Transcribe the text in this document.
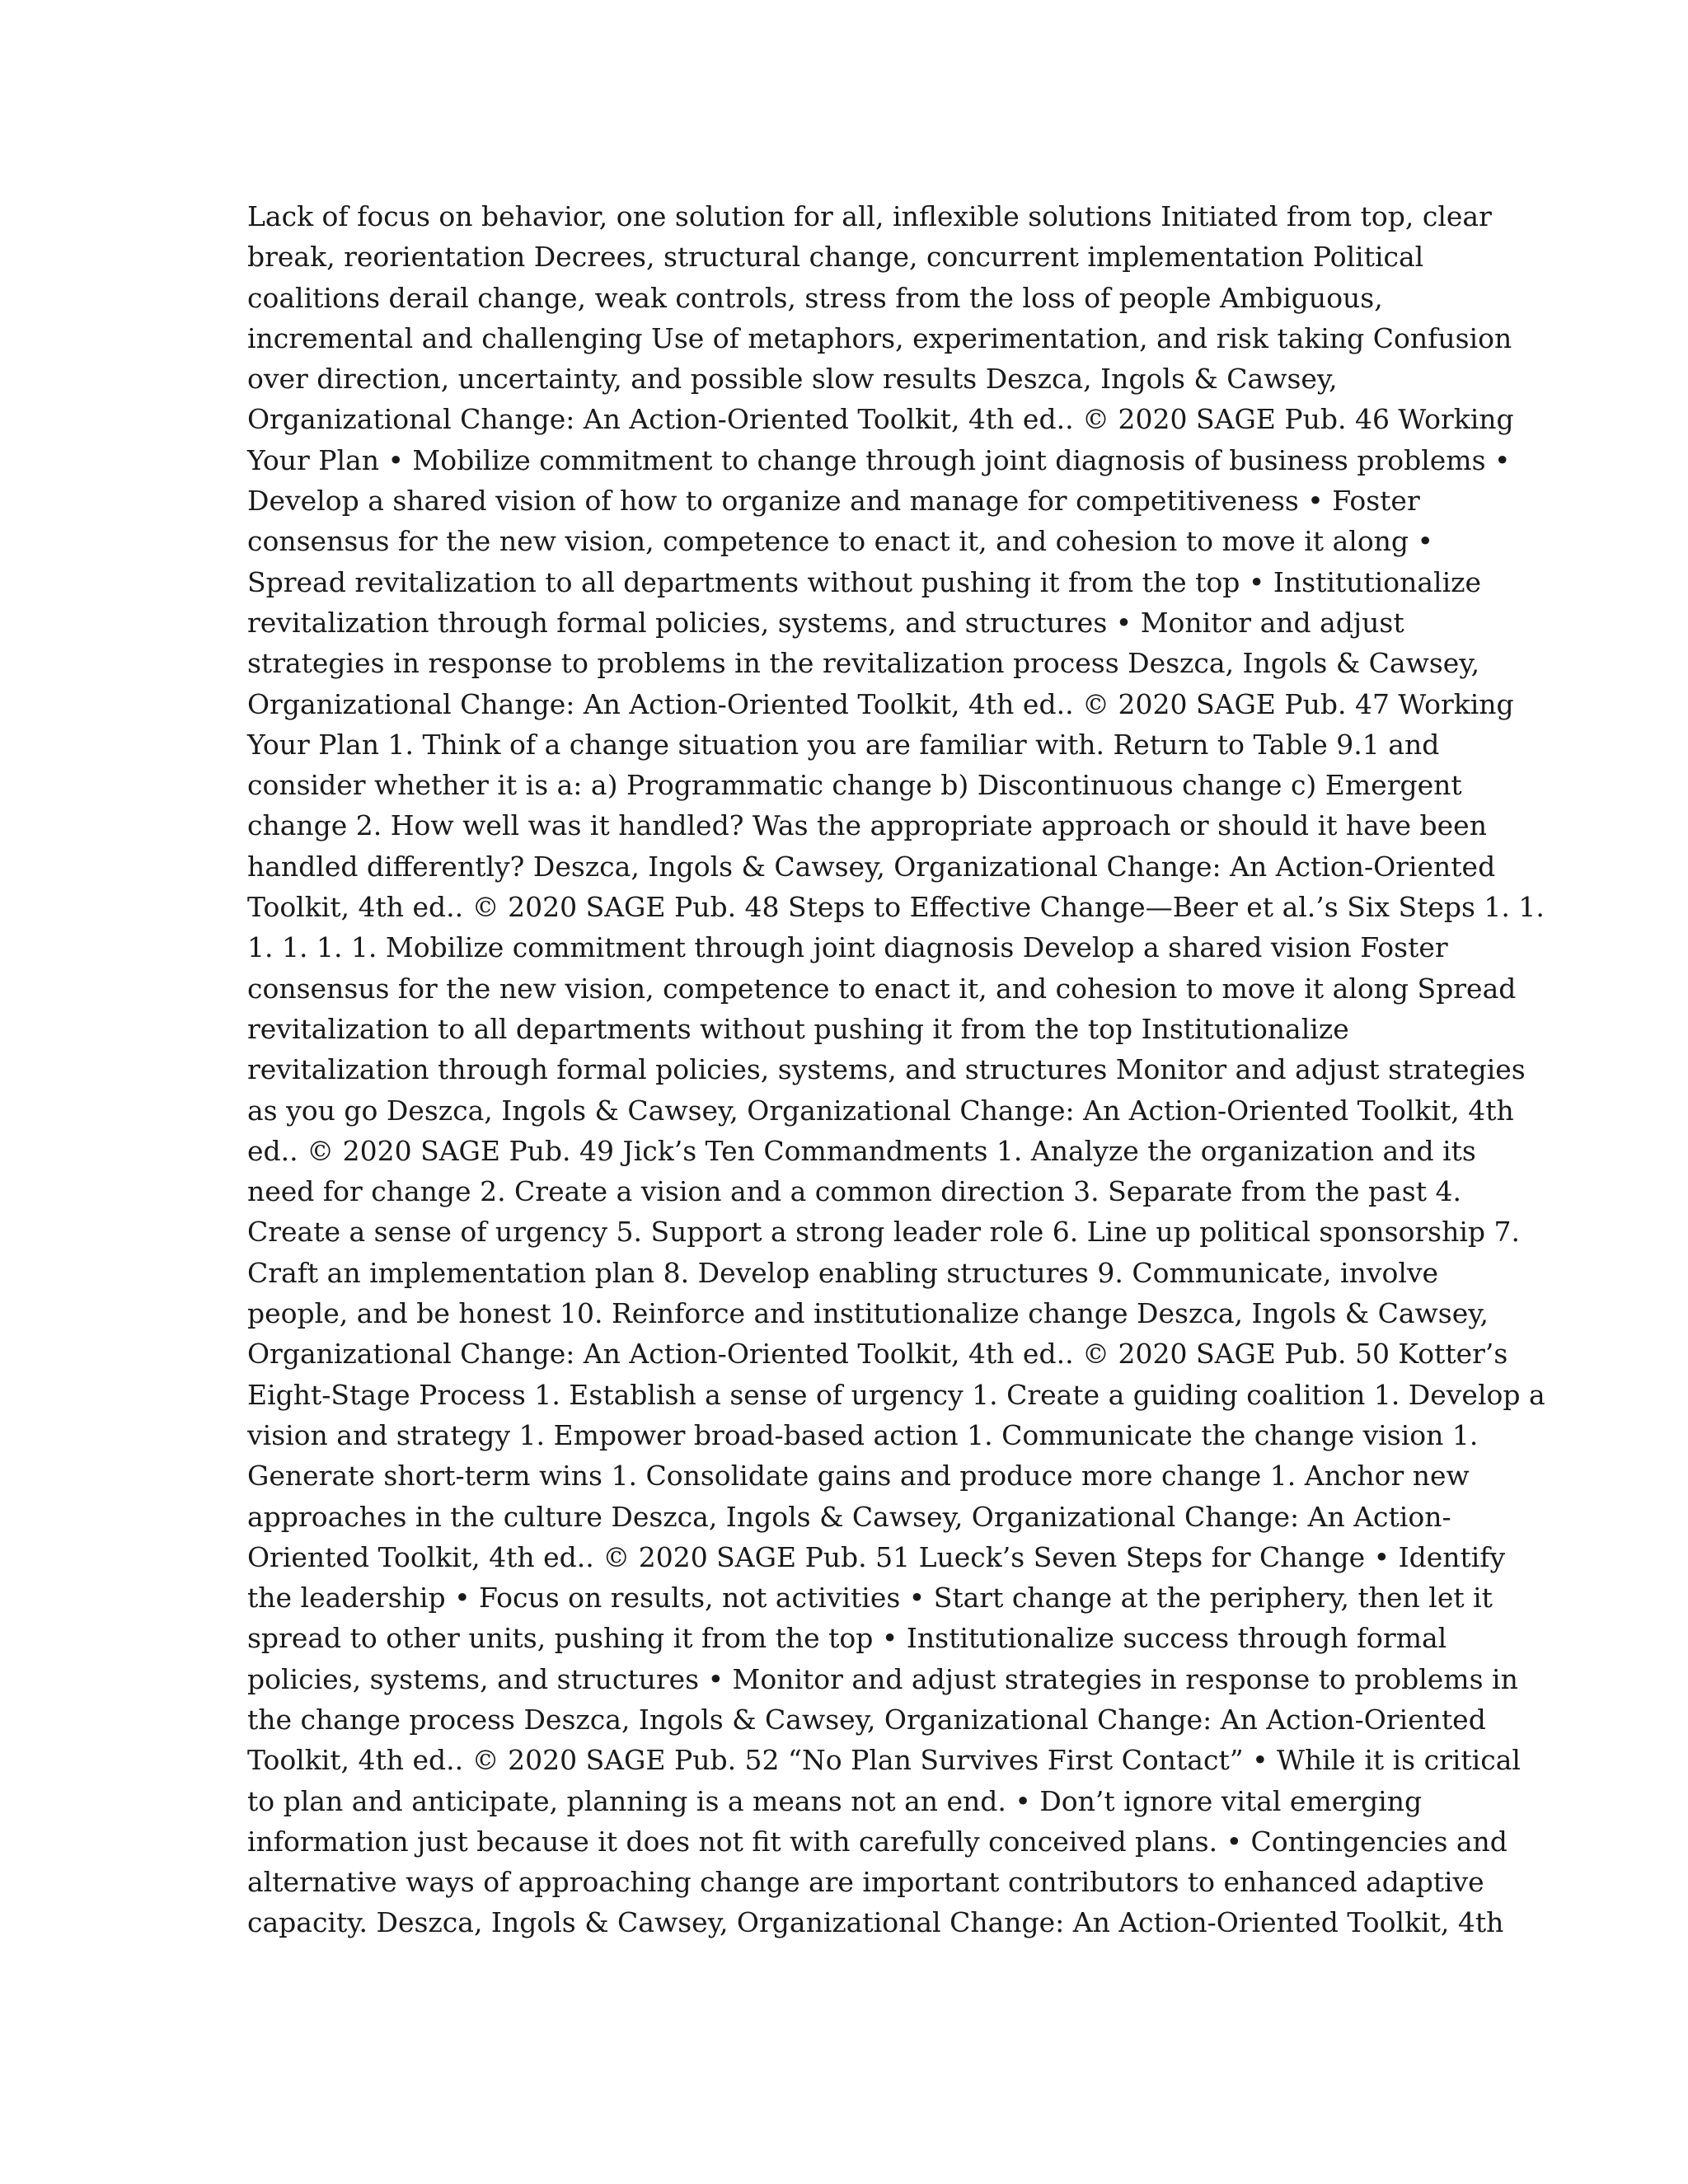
Lack of focus on behavior, one solution for all, inflexible solutions Initiated from top, clear
break, reorientation Decrees, structural change, concurrent implementation Political
coalitions derail change, weak controls, stress from the loss of people Ambiguous,
incremental and challenging Use of metaphors, experimentation, and risk taking Confusion
over direction, uncertainty, and possible slow results Deszca, Ingols & Cawsey,
Organizational Change: An Action-Oriented Toolkit, 4th ed.. © 2020 SAGE Pub. 46 Working
Your Plan • Mobilize commitment to change through joint diagnosis of business problems •
Develop a shared vision of how to organize and manage for competitiveness • Foster
consensus for the new vision, competence to enact it, and cohesion to move it along •
Spread revitalization to all departments without pushing it from the top • Institutionalize
revitalization through formal policies, systems, and structures • Monitor and adjust
strategies in response to problems in the revitalization process Deszca, Ingols & Cawsey,
Organizational Change: An Action-Oriented Toolkit, 4th ed.. © 2020 SAGE Pub. 47 Working
Your Plan 1. Think of a change situation you are familiar with. Return to Table 9.1 and
consider whether it is a: a) Programmatic change b) Discontinuous change c) Emergent
change 2. How well was it handled? Was the appropriate approach or should it have been
handled differently? Deszca, Ingols & Cawsey, Organizational Change: An Action-Oriented
Toolkit, 4th ed.. © 2020 SAGE Pub. 48 Steps to Effective Change—Beer et al.’s Six Steps 1. 1.
1. 1. 1. 1. Mobilize commitment through joint diagnosis Develop a shared vision Foster
consensus for the new vision, competence to enact it, and cohesion to move it along Spread
revitalization to all departments without pushing it from the top Institutionalize
revitalization through formal policies, systems, and structures Monitor and adjust strategies
as you go Deszca, Ingols & Cawsey, Organizational Change: An Action-Oriented Toolkit, 4th
ed.. © 2020 SAGE Pub. 49 Jick’s Ten Commandments 1. Analyze the organization and its
need for change 2. Create a vision and a common direction 3. Separate from the past 4.
Create a sense of urgency 5. Support a strong leader role 6. Line up political sponsorship 7.
Craft an implementation plan 8. Develop enabling structures 9. Communicate, involve
people, and be honest 10. Reinforce and institutionalize change Deszca, Ingols & Cawsey,
Organizational Change: An Action-Oriented Toolkit, 4th ed.. © 2020 SAGE Pub. 50 Kotter’s
Eight-Stage Process 1. Establish a sense of urgency 1. Create a guiding coalition 1. Develop a
vision and strategy 1. Empower broad-based action 1. Communicate the change vision 1.
Generate short-term wins 1. Consolidate gains and produce more change 1. Anchor new
approaches in the culture Deszca, Ingols & Cawsey, Organizational Change: An Action-
Oriented Toolkit, 4th ed.. © 2020 SAGE Pub. 51 Lueck’s Seven Steps for Change • Identify
the leadership • Focus on results, not activities • Start change at the periphery, then let it
spread to other units, pushing it from the top • Institutionalize success through formal
policies, systems, and structures • Monitor and adjust strategies in response to problems in
the change process Deszca, Ingols & Cawsey, Organizational Change: An Action-Oriented
Toolkit, 4th ed.. © 2020 SAGE Pub. 52 “No Plan Survives First Contact” • While it is critical
to plan and anticipate, planning is a means not an end. • Don’t ignore vital emerging
information just because it does not fit with carefully conceived plans. • Contingencies and
alternative ways of approaching change are important contributors to enhanced adaptive
capacity. Deszca, Ingols & Cawsey, Organizational Change: An Action-Oriented Toolkit, 4th
